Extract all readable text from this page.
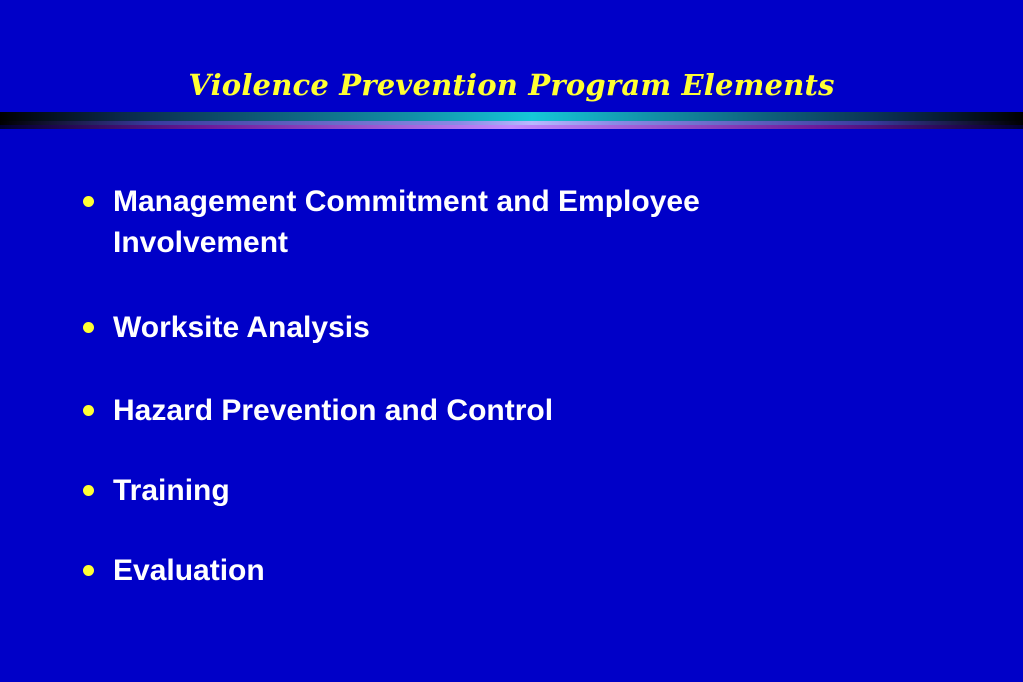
Violence Prevention Program Elements
Management Commitment and Employee Involvement
Worksite Analysis
Hazard Prevention and Control
Training
Evaluation
